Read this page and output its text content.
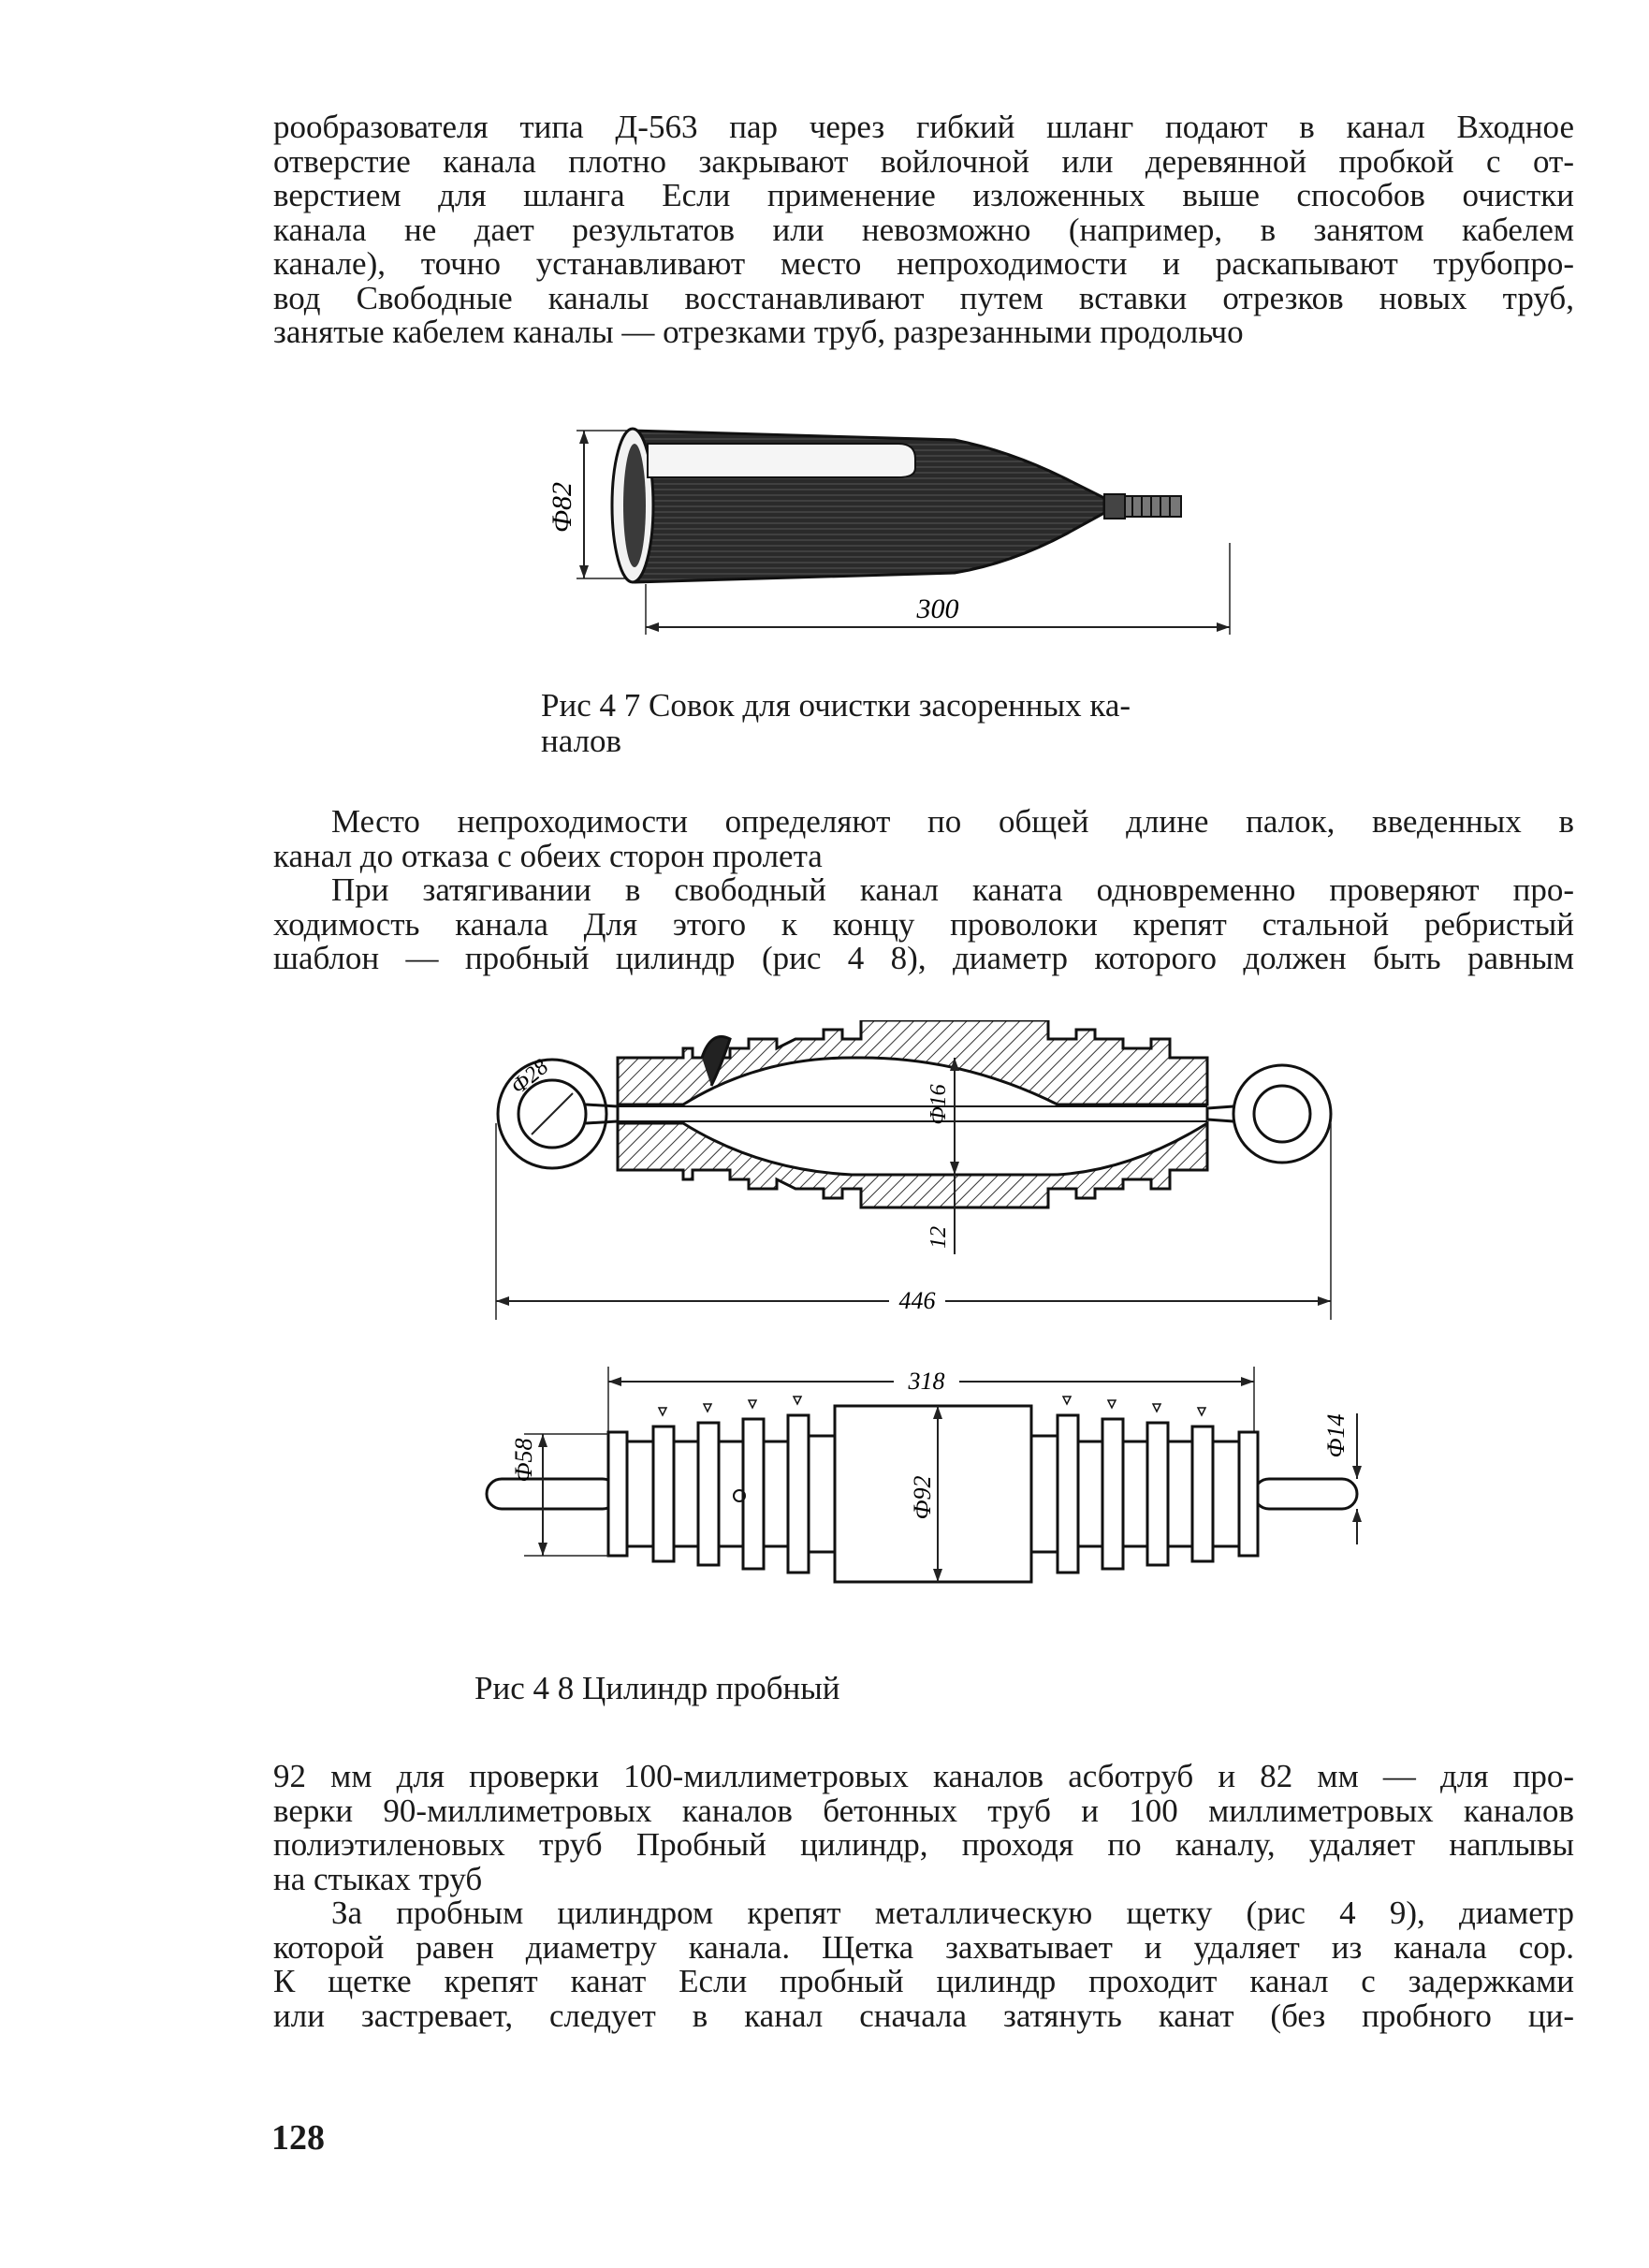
рообразователя типа Д-563 пар через гибкий шланг подают в канал Входное
отверстие канала плотно закрывают войлочной или деревянной пробкой с от-
верстием для шланга Если применение изложенных выше способов очистки
канала не дает результатов или невозможно (например, в занятом кабелем
канале), точно устанавливают место непроходимости и раскапывают трубопро-
вод Свободные каналы восстанавливают путем вставки отрезков новых труб,
занятые кабелем каналы — отрезками труб, разрезанными продольчо
Ф82
300
Рис 4 7 Совок для очистки засоренных ка-
налов
Место непроходимости определяют по общей длине палок, введенных в
канал до отказа с обеих сторон пролета
При затягивании в свободный канал каната одновременно проверяют про-
ходимость канала Для этого к концу проволоки крепят стальной ребристый
шаблон — пробный цилиндр (рис 4 8), диаметр которого должен быть равным
Ф28
Ф16
12
446
318
Ф58
Ф92
Ф14
Рис 4 8 Цилиндр пробный
92 мм для проверки 100-миллиметровых каналов асботруб и 82 мм — для про-
верки 90-миллиметровых каналов бетонных труб и 100 миллиметровых каналов
полиэтиленовых труб Пробный цилиндр, проходя по каналу, удаляет наплывы
на стыках труб
За пробным цилиндром крепят металлическую щетку (рис 4 9), диаметр
которой равен диаметру канала. Щетка захватывает и удаляет из канала сор.
К щетке крепят канат Если пробный цилиндр проходит канал с задержками
или застревает, следует в канал сначала затянуть канат (без пробного ци-
128
